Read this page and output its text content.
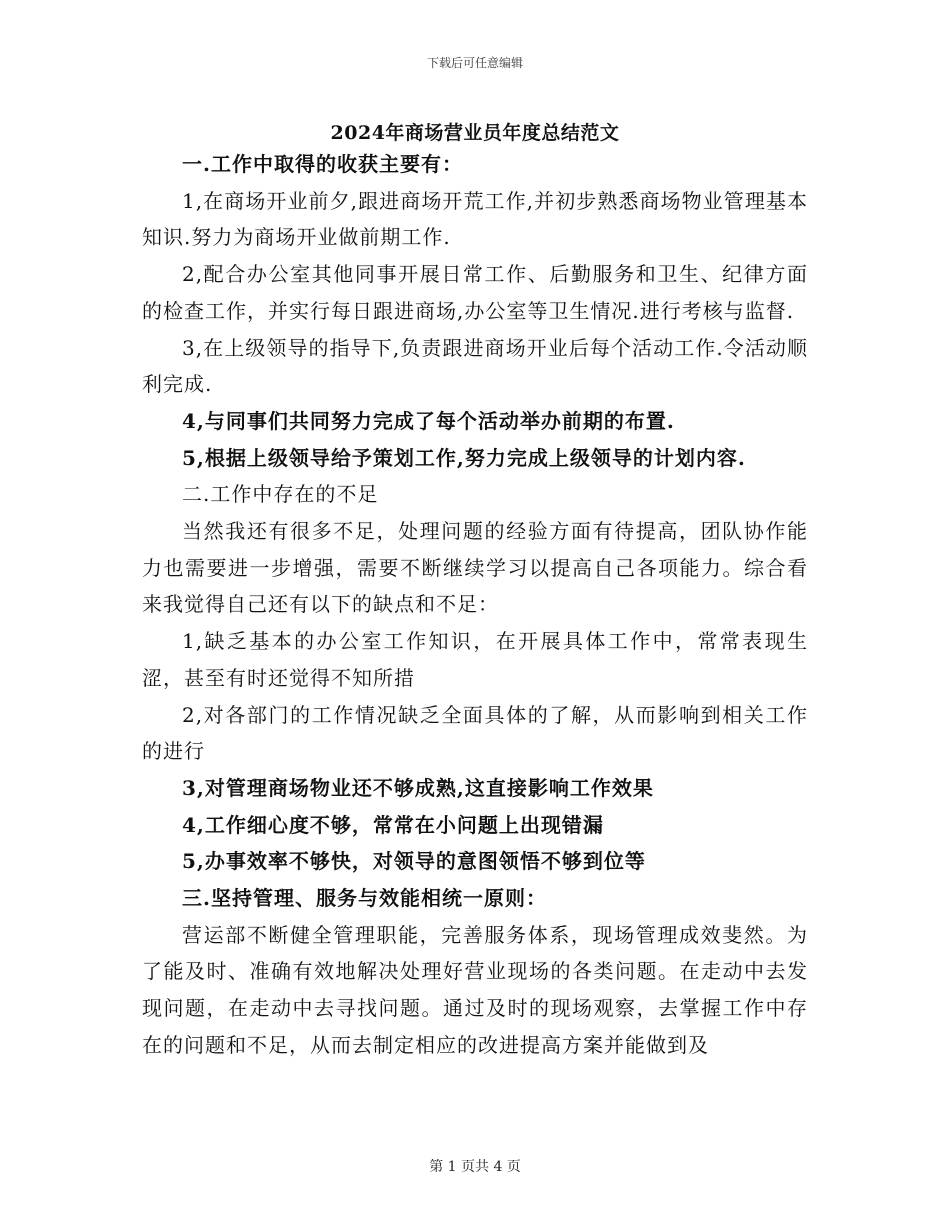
下载后可任意编辑
2024年商场营业员年度总结范文

一.工作中取得的收获主要有：

1,在商场开业前夕,跟进商场开荒工作,并初步熟悉商场物业管理基本知识.努力为商场开业做前期工作.

2,配合办公室其他同事开展日常工作、后勤服务和卫生、纪律方面的检查工作，并实行每日跟进商场,办公室等卫生情况.进行考核与监督.

3,在上级领导的指导下,负责跟进商场开业后每个活动工作.令活动顺利完成.

4,与同事们共同努力完成了每个活动举办前期的布置.

5,根据上级领导给予策划工作,努力完成上级领导的计划内容.

二.工作中存在的不足

当然我还有很多不足，处理问题的经验方面有待提高，团队协作能力也需要进一步增强，需要不断继续学习以提高自己各项能力。综合看来我觉得自己还有以下的缺点和不足：

1,缺乏基本的办公室工作知识，在开展具体工作中，常常表现生涩，甚至有时还觉得不知所措

2,对各部门的工作情况缺乏全面具体的了解，从而影响到相关工作的进行

3,对管理商场物业还不够成熟,这直接影响工作效果

4,工作细心度不够，常常在小问题上出现错漏

5,办事效率不够快，对领导的意图领悟不够到位等

三.坚持管理、服务与效能相统一原则：

营运部不断健全管理职能，完善服务体系，现场管理成效斐然。为了能及时、准确有效地解决处理好营业现场的各类问题。在走动中去发现问题，在走动中去寻找问题。通过及时的现场观察，去掌握工作中存在的问题和不足，从而去制定相应的改进提高方案并能做到及

第 1 页共 4 页
